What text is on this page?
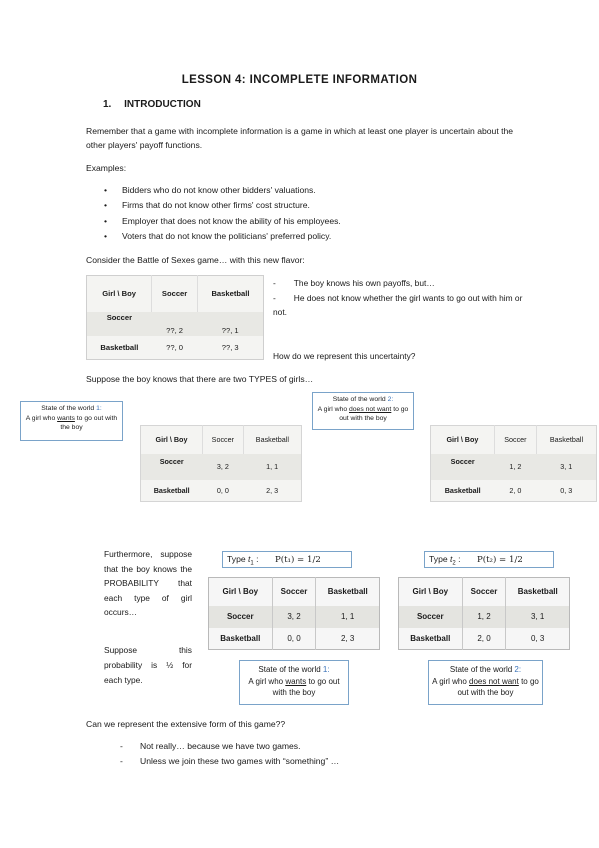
LESSON 4: INCOMPLETE INFORMATION
1. INTRODUCTION
Remember that a game with incomplete information is a game in which at least one player is uncertain about the other players' payoff functions.
Examples:
• Bidders who do not know other bidders' valuations.
• Firms that do not know other firms' cost structure.
• Employer that does not know the ability of his employees.
• Voters that do not know the politicians' preferred policy.
Consider the Battle of Sexes game… with this new flavor:
Girl \ Boy	Soccer	Basketball
Soccer	??, 2	??, 1
Basketball	??, 0	??, 3
- The boy knows his own payoffs, but…
- He does not know whether the girl wants to go out with him or not.
How do we represent this uncertainty?
Suppose the boy knows that there are two TYPES of girls…
State of the world 1:
A girl who wants to go out with the boy
State of the world 2:
A girl who does not want to go out with the boy
Girl \ Boy	Soccer	Basketball
Soccer	3, 2	1, 1
Basketball	0, 0	2, 3
Girl \ Boy	Soccer	Basketball
Soccer	1, 2	3, 1
Basketball	2, 0	0, 3
Furthermore, suppose that the boy knows the PROBABILITY that each type of girl occurs…
Suppose this probability is ½ for each type.
Type $t_1$ : P(t₁) = 1/2	Type $t_2$ : P(t₂) = 1/2
Girl \ Boy	Soccer	Basketball
Soccer	3, 2	1, 1
Basketball	0, 0	2, 3
Girl \ Boy	Soccer	Basketball
Soccer	1, 2	3, 1
Basketball	2, 0	0, 3
State of the world 1:
A girl who wants to go out with the boy
State of the world 2:
A girl who does not want to go out with the boy
Can we represent the extensive form of this game??
- Not really… because we have two games.
- Unless we join these two games with “something” …
